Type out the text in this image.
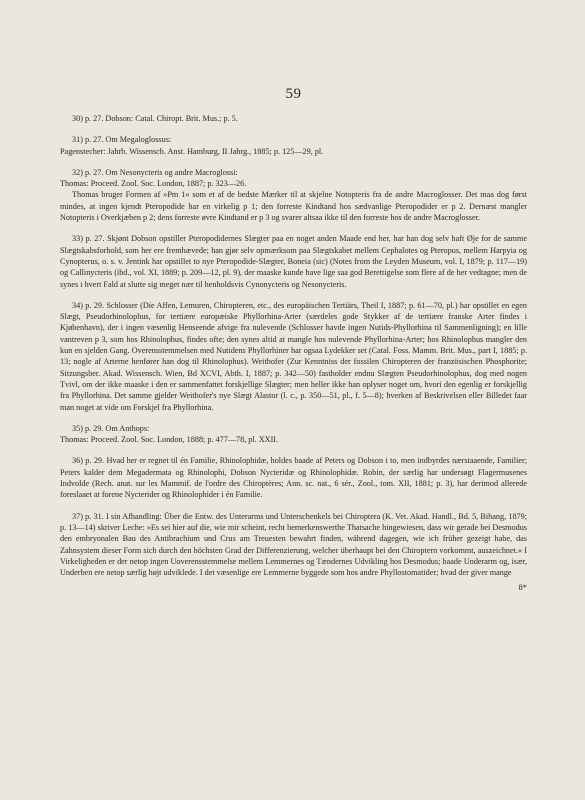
59

30) p. 27. Dobson: Catal. Chiropt. Brit. Mus.; p. 5.

31) p. 27. Om Megaloglossus:

Pagenstecher: Jahrb. Wissensch. Anst. Hamburg, II Jahrg., 1885; p. 125—29, pl.

32) p. 27. Om Nesonycteris og andre Macroglossi:

Thomas: Proceed. Zool. Soc. London, 1887; p. 323—26.

Thomas bruger Formen af »Pm 1« som et af de bedste Mærker til at skjelne Notopteris fra de andre Macroglosser. Det maa dog først mindes, at ingen kjendt Pteropodide har en virkelig p 1; den forreste Kindtand hos sædvanlige Pteropodider er p 2. Dernæst mangler Notopteris i Overkjæben p 2; dens forreste øvre Kindtand er p 3 og svarer altsaa ikke til den forreste hos de andre Macroglosser.

33) p. 27. Skjønt Dobson opstiller Pteropodidernes Slægter paa en noget anden Maade end her, har han dog selv haft Øje for de samme Slægtskabsforhold, som her ere fremhævede; han gjør selv opmærksom paa Slægtskabet mellem Cephalotes og Pteropus, mellem Harpyia og Cynopterus, o. s. v. Jentink har opstillet to nye Pteropodide-Slægter, Boneia (sic) (Notes from the Leyden Museum, vol. I, 1879; p. 117—19) og Callinycteris (ibd., vol. XI, 1889; p. 209—12, pl. 9), der maaske kunde have lige saa god Berettigelse som flere af de her vedtagne; men de synes i hvert Fald at slutte sig meget nær til henholdsvis Cynonycteris og Nesonycteris.

34) p. 29. Schlosser (Die Affen, Lemuren, Chiropteren, etc., des europäischen Tertiärs, Theil I, 1887; p. 61—70, pl.) har opstillet en egen Slægt, Pseudorhinolophus, for tertiære europæiske Phyllorhina-Arter (særdeles gode Stykker af de tertiære franske Arter findes i Kjøbenhavn), der i ingen væsenlig Henseende afvige fra nulevende (Schlosser havde ingen Nutids-Phyllorhina til Sammenligning); en lille vantreven p 3, som hos Rhinolophus, findes ofte; den synes altid at mangle hos nulevende Phyllorhina-Arter; hos Rhinolophus mangler den kun en sjelden Gang. Overensstemmelsen med Nutidens Phyllorhiner har ogsaa Lydekker set (Catal. Foss. Mamm. Brit. Mus., part I, 1885; p. 13; nogle af Arterne henfører han dog til Rhinolophus). Weithofer (Zur Kenntniss der fossilen Chiropteren der französischen Phosphorite; Sitzungsber. Akad. Wissensch. Wien, Bd XCVI, Abth. I, 1887; p. 342—50) fastholder endnu Slægten Pseudorhinolophus, dog med nogen Tvivl, om der ikke maaske i den er sammenfattet forskjellige Slægter; men heller ikke han oplyser noget om, hvori den egenlig er forskjellig fra Phyllorhina. Det samme gjelder Weithofer's nye Slægt Alastor (l. c., p. 350—51, pl., f. 5—8); hverken af Beskrivelsen eller Billedet faar man noget at vide om Forskjel fra Phyllorhina.

35) p. 29. Om Anthops:

Thomas: Proceed. Zool. Soc. London, 1888; p. 477—78, pl. XXII.

36) p. 29. Hvad her er regnet til én Familie, Rhinolophidæ, holdes baade af Peters og Dobson i to, men indbyrdes nærstaaende, Familier; Peters kalder dem Megadermata og Rhinolophi, Dobson Nycteridæ og Rhinolophidæ. Robin, der særlig har undersøgt Flagermusenes Indvolde (Rech. anat. sur les Mammif. de l'ordre des Chiroptères; Ann. sc. nat., 6 sér., Zool., tom. XII, 1881; p. 3), har derimod allerede foreslaaet at forene Nycterider og Rhinolophider i én Familie.

37) p. 31. I sin Afhandling: Über die Entw. des Unterarms und Unterschenkels bei Chiroptera (K. Vet. Akad. Handl., Bd. 5, Bihang, 1879; p. 13—14) skriver Leche: »Es sei hier auf die, wie mir scheint, recht bemerkenswerthe Thatsache hingewiesen, dass wir gerade bei Desmodus den embryonalen Bau des Antibrachium und Crus am Treuesten bewahrt finden, während dagegen, wie ich früher gezeigt habe, das Zahnsystem dieser Form sich durch den höchsten Grad der Differenzierung, welcher überhaupt bei den Chiroptern vorkommt, auszeichnet.« I Virkeligheden er der netop ingen Uoverensstemmelse mellem Lemmernes og Tændernes Udvikling hos Desmodus; baade Underarm og, især, Underben ere netop særlig højt udviklede. I det væsenlige ere Lemmerne byggede som hos andre Phyllostomatider; hvad der giver mange

8*
